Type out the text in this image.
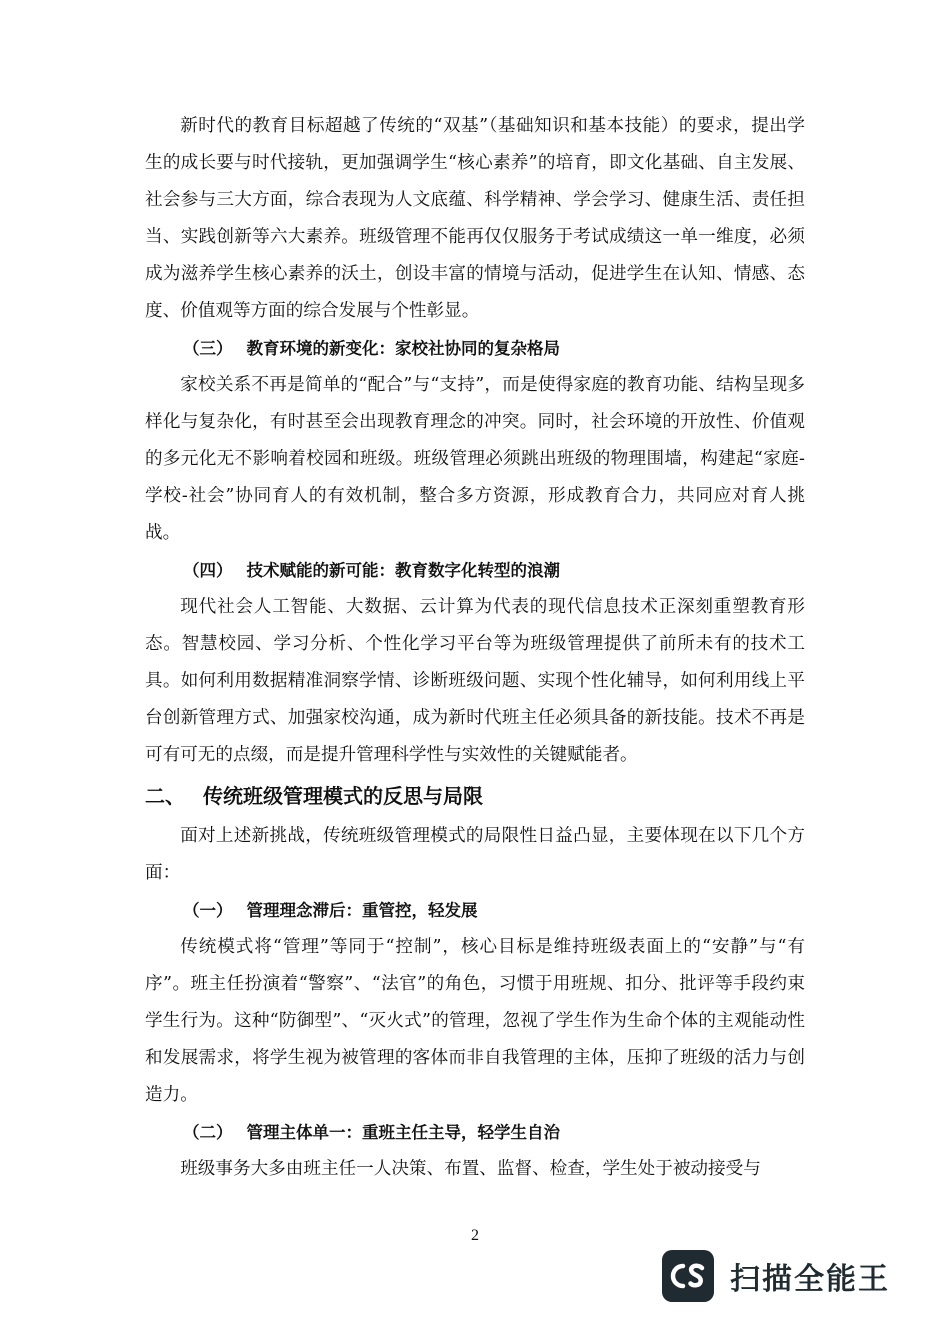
新时代的教育目标超越了传统的“双基”（基础知识和基本技能）的要求，提出学生的成长要与时代接轨，更加强调学生“核心素养”的培育，即文化基础、自主发展、社会参与三大方面，综合表现为人文底蕴、科学精神、学会学习、健康生活、责任担当、实践创新等六大素养。班级管理不能再仅仅服务于考试成绩这一单一维度，必须成为滋养学生核心素养的沃土，创设丰富的情境与活动，促进学生在认知、情感、态度、价值观等方面的综合发展与个性彰显。

（三） 教育环境的新变化：家校社协同的复杂格局

家校关系不再是简单的“配合”与“支持”，而是使得家庭的教育功能、结构呈现多样化与复杂化，有时甚至会出现教育理念的冲突。同时，社会环境的开放性、价值观的多元化无不影响着校园和班级。班级管理必须跳出班级的物理围墙，构建起“家庭-学校-社会”协同育人的有效机制，整合多方资源，形成教育合力，共同应对育人挑战。

（四） 技术赋能的新可能：教育数字化转型的浪潮

现代社会人工智能、大数据、云计算为代表的现代信息技术正深刻重塑教育形态。智慧校园、学习分析、个性化学习平台等为班级管理提供了前所未有的技术工具。如何利用数据精准洞察学情、诊断班级问题、实现个性化辅导，如何利用线上平台创新管理方式、加强家校沟通，成为新时代班主任必须具备的新技能。技术不再是可有可无的点缀，而是提升管理科学性与实效性的关键赋能者。

二、 传统班级管理模式的反思与局限

面对上述新挑战，传统班级管理模式的局限性日益凸显，主要体现在以下几个方面：

（一） 管理理念滞后：重管控，轻发展

传统模式将“管理”等同于“控制”，核心目标是维持班级表面上的“安静”与“有序”。班主任扮演着“警察”、“法官”的角色，习惯于用班规、扣分、批评等手段约束学生行为。这种“防御型”、“灭火式”的管理，忽视了学生作为生命个体的主观能动性和发展需求，将学生视为被管理的客体而非自我管理的主体，压抑了班级的活力与创造力。

（二） 管理主体单一：重班主任主导，轻学生自治

班级事务大多由班主任一人决策、布置、监督、检查，学生处于被动接受与

2
扫描全能王
